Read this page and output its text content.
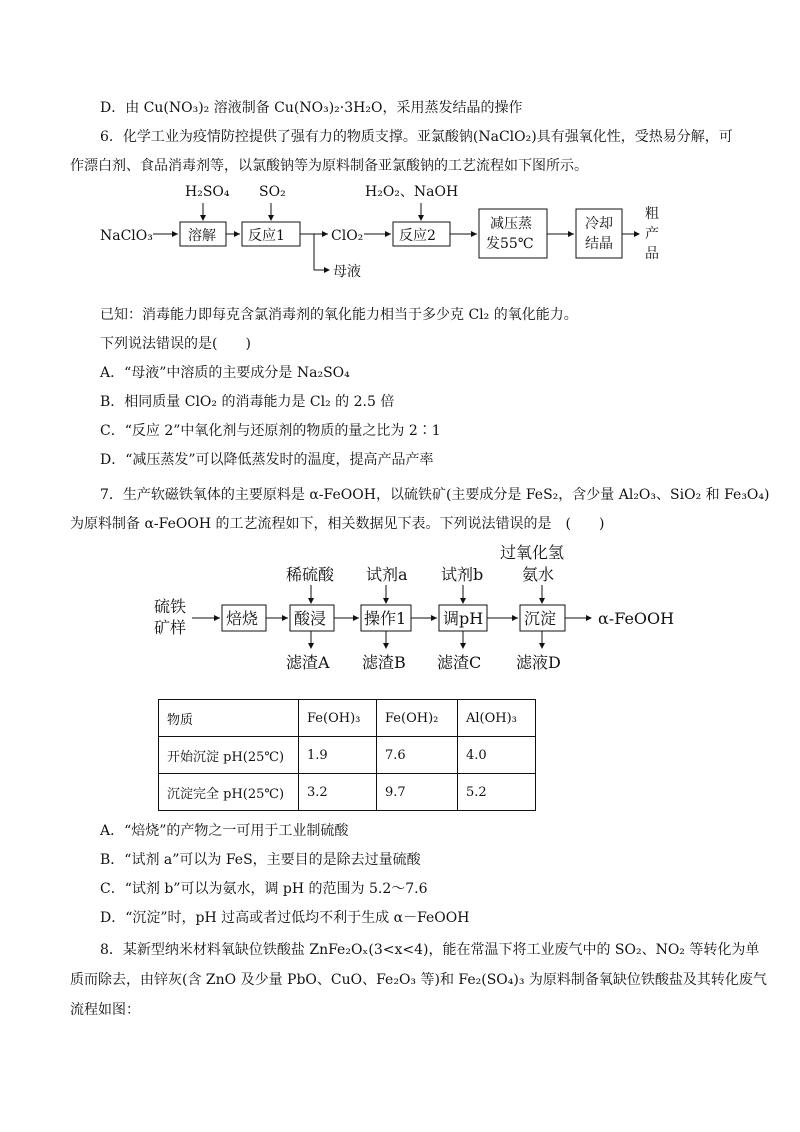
D．由 Cu(NO₃)₂ 溶液制备 Cu(NO₃)₂·3H₂O，采用蒸发结晶的操作
6．化学工业为疫情防控提供了强有力的物质支撑。亚氯酸钠(NaClO₂)具有强氧化性，受热易分解，可
作漂白剂、食品消毒剂等，以氯酸钠等为原料制备亚氯酸钠的工艺流程如下图所示。
NaClO₃
H₂SO₄
溶解
SO₂
反应1	ClO₂
母液
H₂O₂、NaOH
反应2
减压蒸
发55℃
冷却
结晶
粗
产
品
硫铁
矿样 焙烧
稀硫酸
酸浸
试剂a
操作1
试剂b
调pH
过氧化氢
氨水
沉淀	α-FeOOH
滤渣A 滤渣B 滤渣C 滤液D
已知：消毒能力即每克含氯消毒剂的氧化能力相当于多少克 Cl₂ 的氧化能力。
下列说法错误的是(　　)
A．“母液”中溶质的主要成分是 Na₂SO₄
B．相同质量 ClO₂ 的消毒能力是 Cl₂ 的 2.5 倍
C．“反应 2”中氧化剂与还原剂的物质的量之比为 2∶1
D．“减压蒸发”可以降低蒸发时的温度，提高产品产率
7．生产软磁铁氧体的主要原料是 α-FeOOH，以硫铁矿(主要成分是 FeS₂，含少量 Al₂O₃、SiO₂ 和 Fe₃O₄)
为原料制备 α-FeOOH 的工艺流程如下，相关数据见下表。下列说法错误的是　(　　)
物质	Fe(OH)₃	Fe(OH)₂	Al(OH)₃
开始沉淀 pH(25℃)	1.9	7.6	4.0
沉淀完全 pH(25℃)	3.2	9.7	5.2
A．“焙烧”的产物之一可用于工业制硫酸
B．“试剂 a”可以为 FeS，主要目的是除去过量硫酸
C．“试剂 b”可以为氨水，调 pH 的范围为 5.2～7.6
D．“沉淀”时，pH 过高或者过低均不利于生成 α－FeOOH
8．某新型纳米材料氧缺位铁酸盐 ZnFe₂Oₓ(3<x<4)，能在常温下将工业废气中的 SO₂、NO₂ 等转化为单
质而除去，由锌灰(含 ZnO 及少量 PbO、CuO、Fe₂O₃ 等)和 Fe₂(SO₄)₃ 为原料制备氧缺位铁酸盐及其转化废气
流程如图：
